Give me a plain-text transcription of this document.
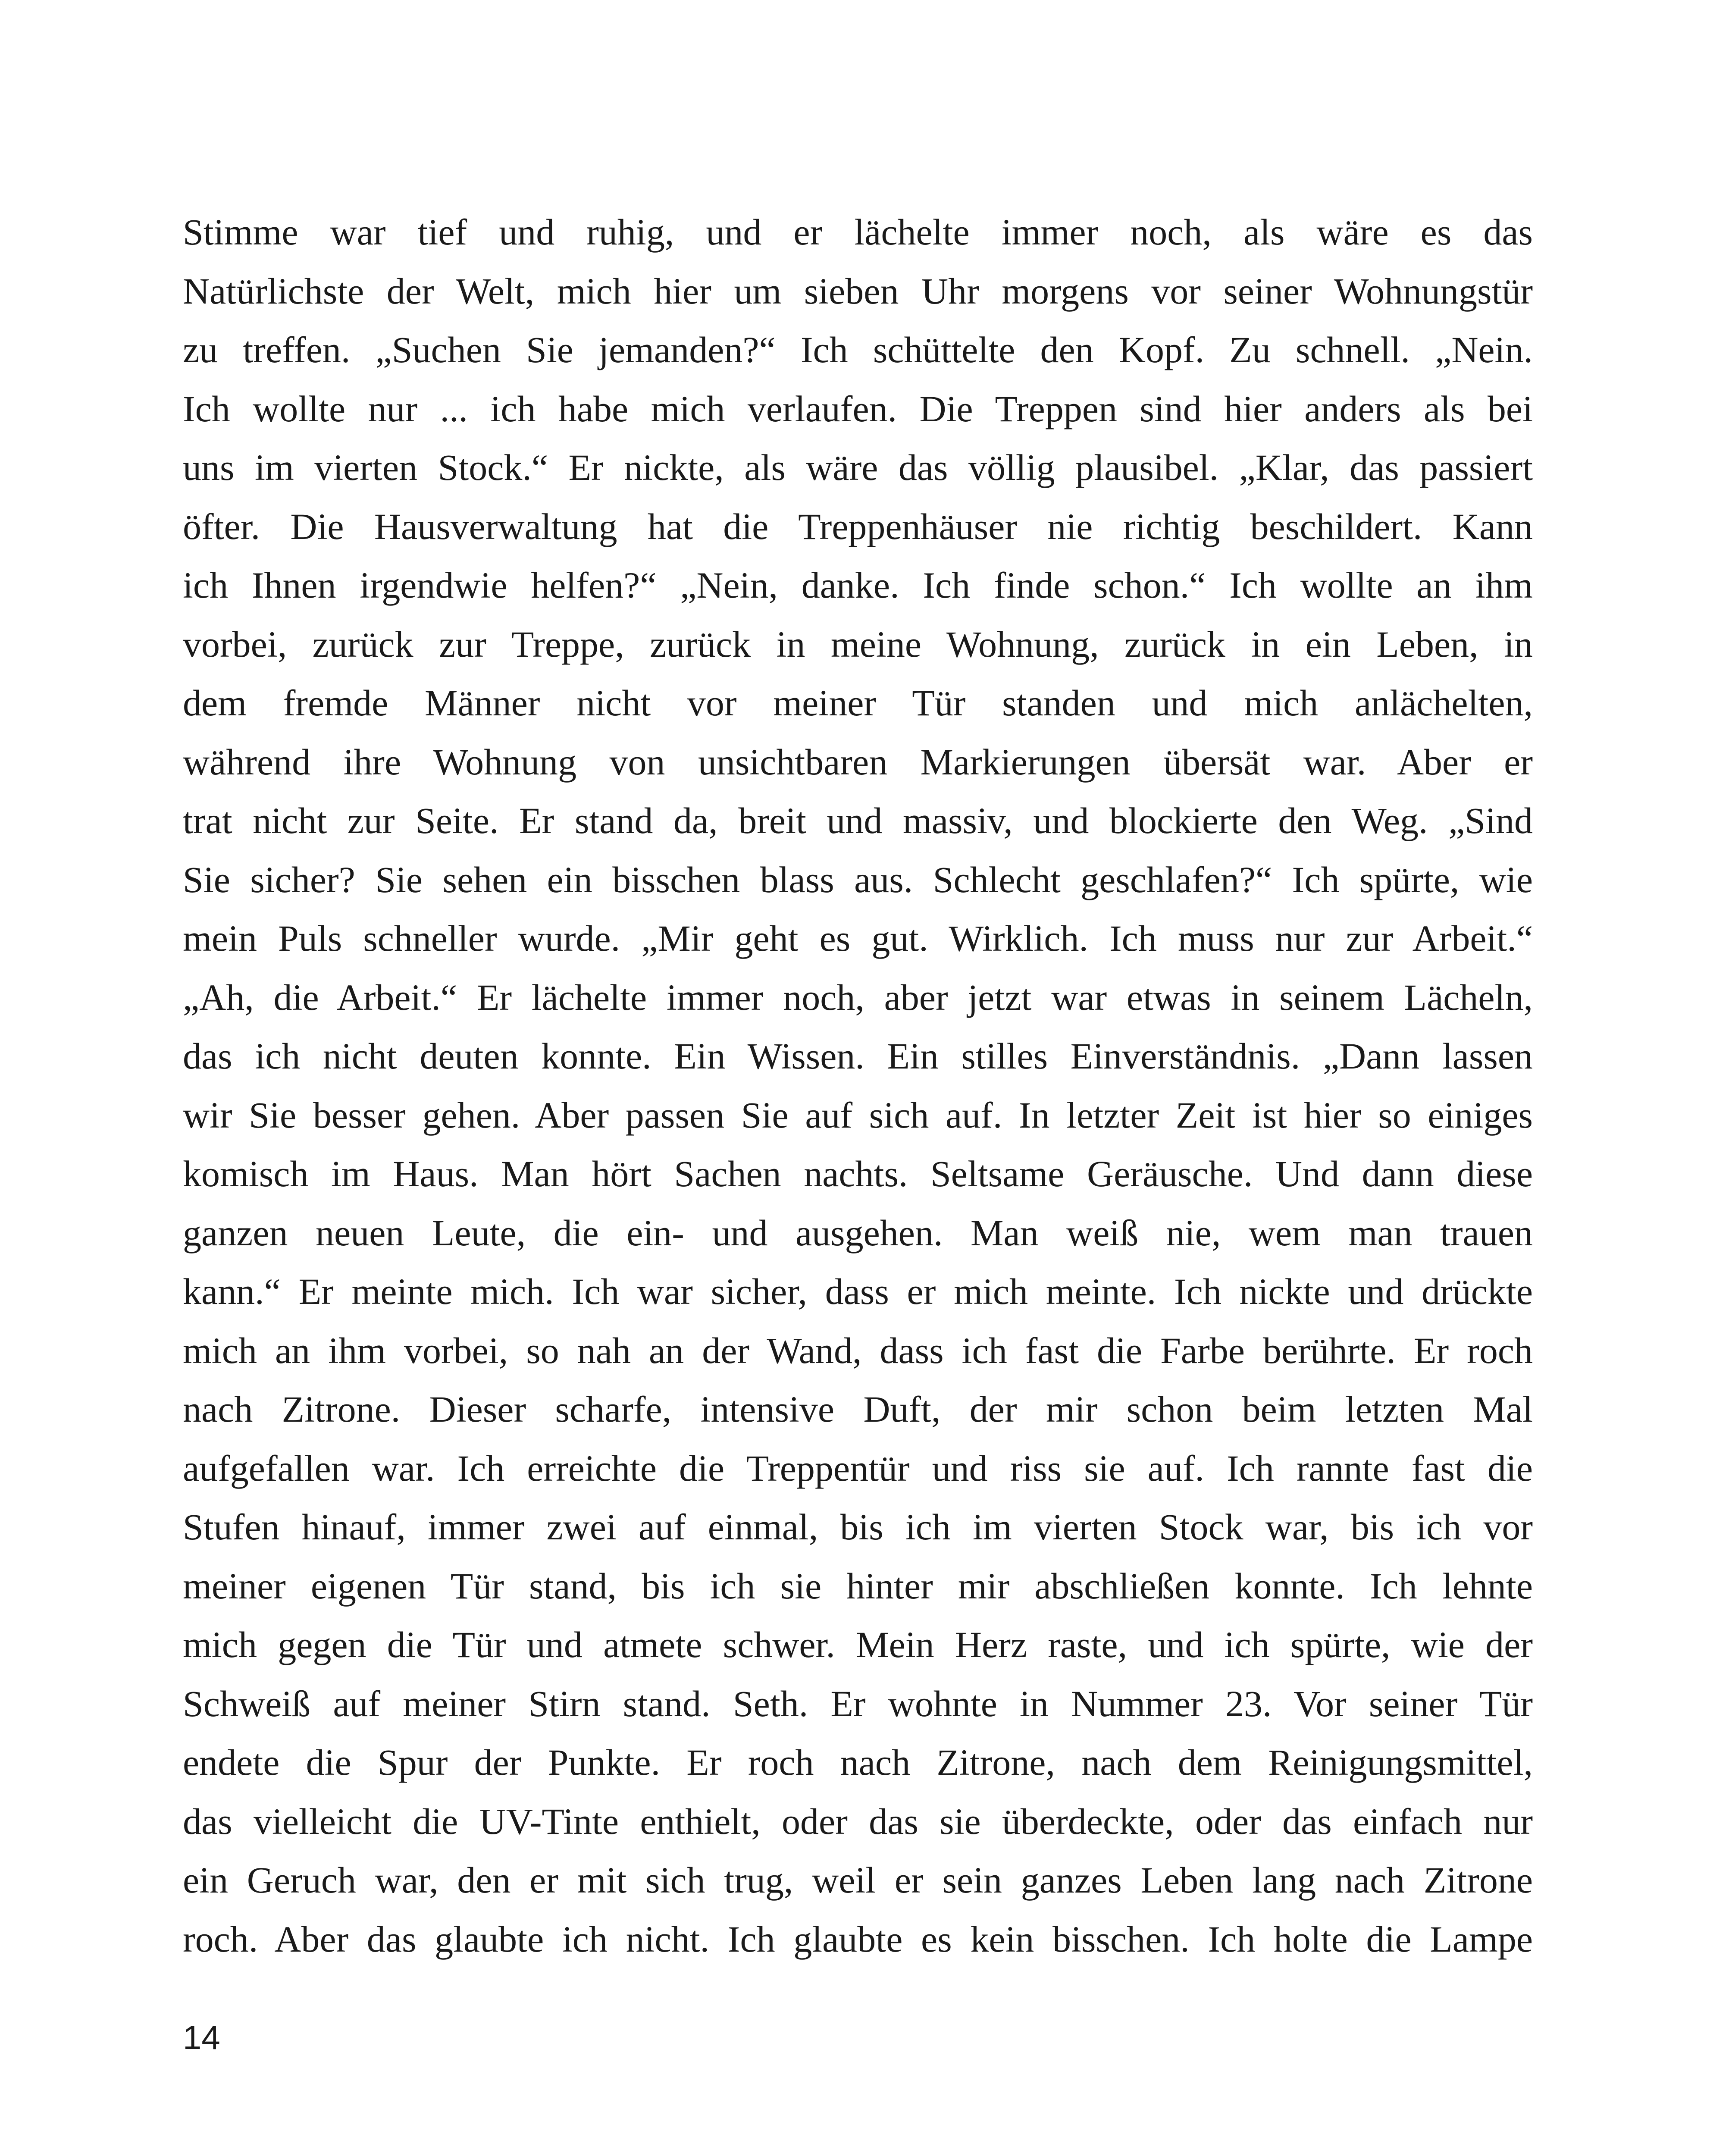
Stimme war tief und ruhig, und er lächelte immer noch, als wäre es das
Natürlichste der Welt, mich hier um sieben Uhr morgens vor seiner Wohnungstür
zu treffen. „Suchen Sie jemanden?“ Ich schüttelte den Kopf. Zu schnell. „Nein.
Ich wollte nur ... ich habe mich verlaufen. Die Treppen sind hier anders als bei
uns im vierten Stock.“ Er nickte, als wäre das völlig plausibel. „Klar, das passiert
öfter. Die Hausverwaltung hat die Treppenhäuser nie richtig beschildert. Kann
ich Ihnen irgendwie helfen?“ „Nein, danke. Ich finde schon.“ Ich wollte an ihm
vorbei, zurück zur Treppe, zurück in meine Wohnung, zurück in ein Leben, in
dem fremde Männer nicht vor meiner Tür standen und mich anlächelten,
während ihre Wohnung von unsichtbaren Markierungen übersät war. Aber er
trat nicht zur Seite. Er stand da, breit und massiv, und blockierte den Weg. „Sind
Sie sicher? Sie sehen ein bisschen blass aus. Schlecht geschlafen?“ Ich spürte, wie
mein Puls schneller wurde. „Mir geht es gut. Wirklich. Ich muss nur zur Arbeit.“
„Ah, die Arbeit.“ Er lächelte immer noch, aber jetzt war etwas in seinem Lächeln,
das ich nicht deuten konnte. Ein Wissen. Ein stilles Einverständnis. „Dann lassen
wir Sie besser gehen. Aber passen Sie auf sich auf. In letzter Zeit ist hier so einiges
komisch im Haus. Man hört Sachen nachts. Seltsame Geräusche. Und dann diese
ganzen neuen Leute, die ein- und ausgehen. Man weiß nie, wem man trauen
kann.“ Er meinte mich. Ich war sicher, dass er mich meinte. Ich nickte und drückte
mich an ihm vorbei, so nah an der Wand, dass ich fast die Farbe berührte. Er roch
nach Zitrone. Dieser scharfe, intensive Duft, der mir schon beim letzten Mal
aufgefallen war. Ich erreichte die Treppentür und riss sie auf. Ich rannte fast die
Stufen hinauf, immer zwei auf einmal, bis ich im vierten Stock war, bis ich vor
meiner eigenen Tür stand, bis ich sie hinter mir abschließen konnte. Ich lehnte
mich gegen die Tür und atmete schwer. Mein Herz raste, und ich spürte, wie der
Schweiß auf meiner Stirn stand. Seth. Er wohnte in Nummer 23. Vor seiner Tür
endete die Spur der Punkte. Er roch nach Zitrone, nach dem Reinigungsmittel,
das vielleicht die UV-Tinte enthielt, oder das sie überdeckte, oder das einfach nur
ein Geruch war, den er mit sich trug, weil er sein ganzes Leben lang nach Zitrone
roch. Aber das glaubte ich nicht. Ich glaubte es kein bisschen. Ich holte die Lampe
14
